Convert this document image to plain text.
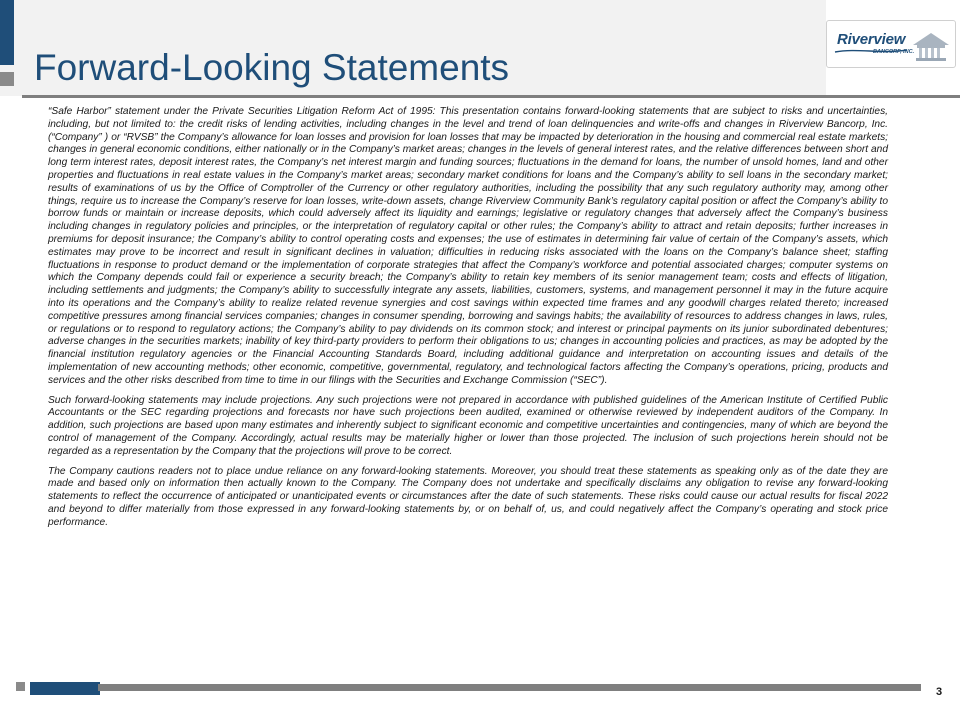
Forward-Looking Statements
Riverview
BANCORP, INC.

“Safe Harbor” statement under the Private Securities Litigation Reform Act of 1995: This presentation contains forward-looking statements that are subject to risks and uncertainties, including, but not limited to: the credit risks of lending activities, including changes in the level and trend of loan delinquencies and write-offs and changes in Riverview Bancorp, Inc. (“Company” ) or “RVSB” the Company’s allowance for loan losses and provision for loan losses that may be impacted by deterioration in the housing and commercial real estate markets; changes in general economic conditions, either nationally or in the Company’s market areas; changes in the levels of general interest rates, and the relative differences between short and long term interest rates, deposit interest rates, the Company’s net interest margin and funding sources; fluctuations in the demand for loans, the number of unsold homes, land and other properties and fluctuations in real estate values in the Company’s market areas; secondary market conditions for loans and the Company’s ability to sell loans in the secondary market; results of examinations of us by the Office of Comptroller of the Currency or other regulatory authorities, including the possibility that any such regulatory authority may, among other things, require us to increase the Company’s reserve for loan losses, write-down assets, change Riverview Community Bank’s regulatory capital position or affect the Company’s ability to borrow funds or maintain or increase deposits, which could adversely affect its liquidity and earnings; legislative or regulatory changes that adversely affect the Company’s business including changes in regulatory policies and principles, or the interpretation of regulatory capital or other rules; the Company’s ability to attract and retain deposits; further increases in premiums for deposit insurance; the Company’s ability to control operating costs and expenses; the use of estimates in determining fair value of certain of the Company’s assets, which estimates may prove to be incorrect and result in significant declines in valuation; difficulties in reducing risks associated with the loans on the Company’s balance sheet; staffing fluctuations in response to product demand or the implementation of corporate strategies that affect the Company’s workforce and potential associated charges; computer systems on which the Company depends could fail or experience a security breach; the Company’s ability to retain key members of its senior management team; costs and effects of litigation, including settlements and judgments; the Company’s ability to successfully integrate any assets, liabilities, customers, systems, and management personnel it may in the future acquire into its operations and the Company’s ability to realize related revenue synergies and cost savings within expected time frames and any goodwill charges related thereto; increased competitive pressures among financial services companies; changes in consumer spending, borrowing and savings habits; the availability of resources to address changes in laws, rules, or regulations or to respond to regulatory actions; the Company’s ability to pay dividends on its common stock; and interest or principal payments on its junior subordinated debentures; adverse changes in the securities markets; inability of key third-party providers to perform their obligations to us; changes in accounting policies and practices, as may be adopted by the financial institution regulatory agencies or the Financial Accounting Standards Board, including additional guidance and interpretation on accounting issues and details of the implementation of new accounting methods; other economic, competitive, governmental, regulatory, and technological factors affecting the Company’s operations, pricing, products and services and the other risks described from time to time in our filings with the Securities and Exchange Commission (“SEC”).

Such forward-looking statements may include projections. Any such projections were not prepared in accordance with published guidelines of the American Institute of Certified Public Accountants or the SEC regarding projections and forecasts nor have such projections been audited, examined or otherwise reviewed by independent auditors of the Company. In addition, such projections are based upon many estimates and inherently subject to significant economic and competitive uncertainties and contingencies, many of which are beyond the control of management of the Company. Accordingly, actual results may be materially higher or lower than those projected. The inclusion of such projections herein should not be regarded as a representation by the Company that the projections will prove to be correct.

The Company cautions readers not to place undue reliance on any forward-looking statements. Moreover, you should treat these statements as speaking only as of the date they are made and based only on information then actually known to the Company. The Company does not undertake and specifically disclaims any obligation to revise any forward-looking statements to reflect the occurrence of anticipated or unanticipated events or circumstances after the date of such statements. These risks could cause our actual results for fiscal 2022 and beyond to differ materially from those expressed in any forward-looking statements by, or on behalf of, us, and could negatively affect the Company’s operating and stock price performance.

3
